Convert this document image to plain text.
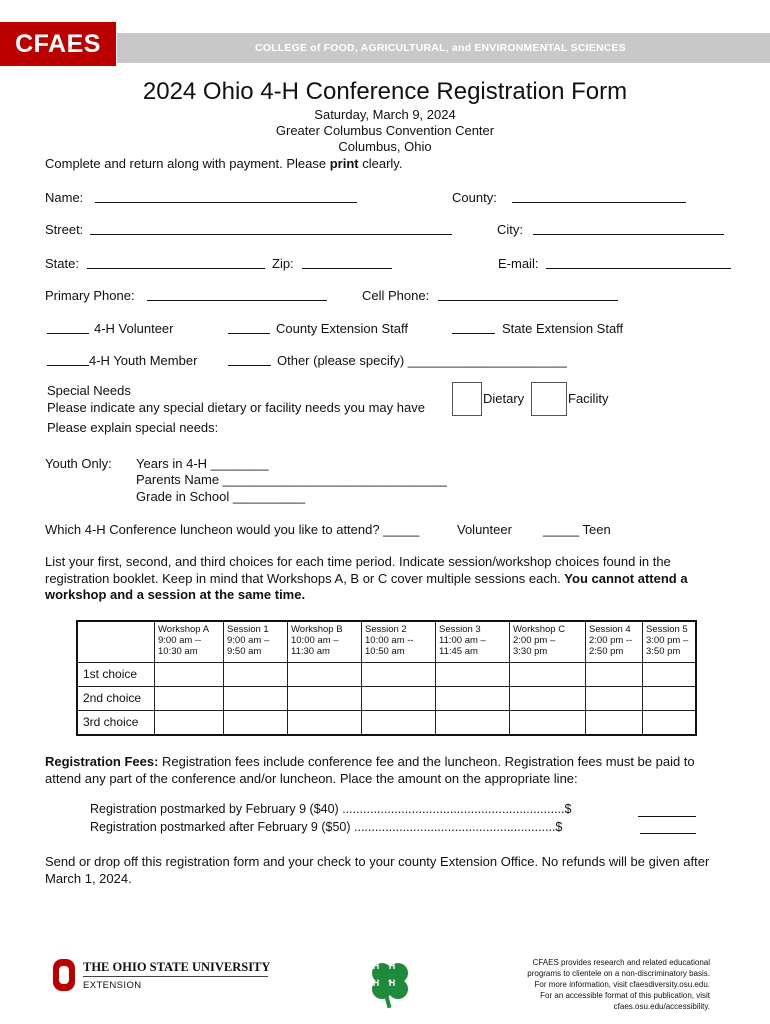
COLLEGE of FOOD, AGRICULTURAL, and ENVIRONMENTAL SCIENCES
CFAES
2024 Ohio 4-H Conference Registration Form
Saturday, March 9, 2024
Greater Columbus Convention Center
Columbus, Ohio
Complete and return along with payment. Please print clearly.
Name:	County:
Street:	City:
State:	Zip:	E-mail:
Primary Phone:	Cell Phone:
4-H Volunteer	County Extension Staff	State Extension Staff
4-H Youth Member	Other (please specify) ______________________
Special Needs
Please indicate any special dietary or facility needs you may have
Dietary	Facility
Please explain special needs:
Youth Only: Years in 4-H ________
Parents Name _______________________________
Grade in School __________
Which 4-H Conference luncheon would you like to attend? _____	Volunteer _____ Teen
List your first, second, and third choices for each time period. Indicate session/workshop choices found in the registration booklet. Keep in mind that Workshops A, B or C cover multiple sessions each. You cannot attend a workshop and a session at the same time.
	Workshop A
9:00 am --
10:30 am	Session 1
9:00 am –
9:50 am	Workshop B
10:00 am –
11:30 am	Session 2
10:00 am --
10:50 am	Session 3
11:00 am –
11:45 am	Workshop C
2:00 pm –
3:30 pm	Session 4
2:00 pm --
2:50 pm	Session 5
3:00 pm –
3:50 pm
1st choice								
2nd choice								
3rd choice								
Registration Fees: Registration fees include conference fee and the luncheon. Registration fees must be paid to attend any part of the conference and/or luncheon. Place the amount on the appropriate line:
Registration postmarked by February 9 ($40) ................................................................$
Registration postmarked after February 9 ($50) ..........................................................$
Send or drop off this registration form and your check to your county Extension Office. No refunds will be given after March 1, 2024.
THE OHIO STATE UNIVERSITY
EXTENSION
H	H
H	H
CFAES provides research and related educational
programs to clientele on a non-discriminatory basis.
For more information, visit cfaesdiversity.osu.edu.
For an accessible format of this publication, visit
cfaes.osu.edu/accessibility.
